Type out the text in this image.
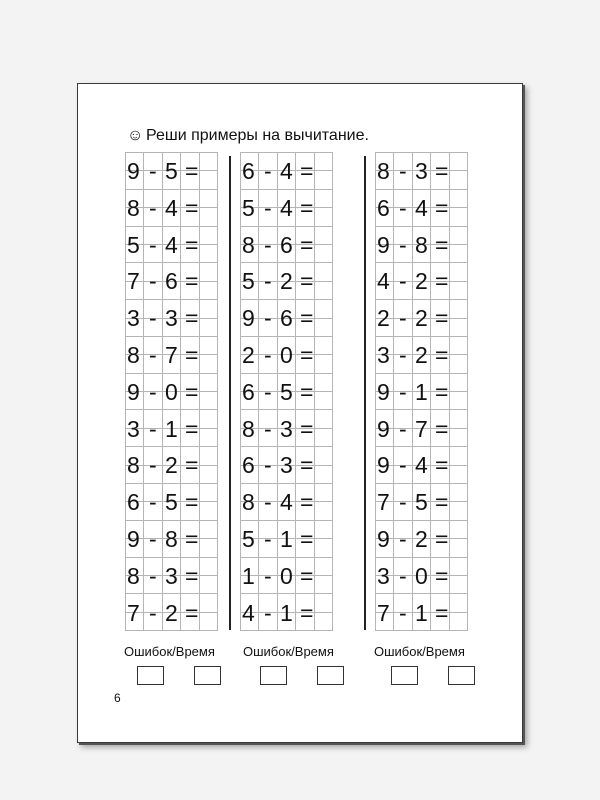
☺ Реши примеры на вычитание.
9 - 5 =
8 - 4 =
5 - 4 =
7 - 6 =
3 - 3 =
8 - 7 =
9 - 0 =
3 - 1 =
8 - 2 =
6 - 5 =
9 - 8 =
8 - 3 =
7 - 2 =
6 - 4 =
5 - 4 =
8 - 6 =
5 - 2 =
9 - 6 =
2 - 0 =
6 - 5 =
8 - 3 =
6 - 3 =
8 - 4 =
5 - 1 =
1 - 0 =
4 - 1 =
8 - 3 =
6 - 4 =
9 - 8 =
4 - 2 =
2 - 2 =
3 - 2 =
9 - 1 =
9 - 7 =
9 - 4 =
7 - 5 =
9 - 2 =
3 - 0 =
7 - 1 =
Ошибок/Время Ошибок/Время	Ошибок/Время
6
